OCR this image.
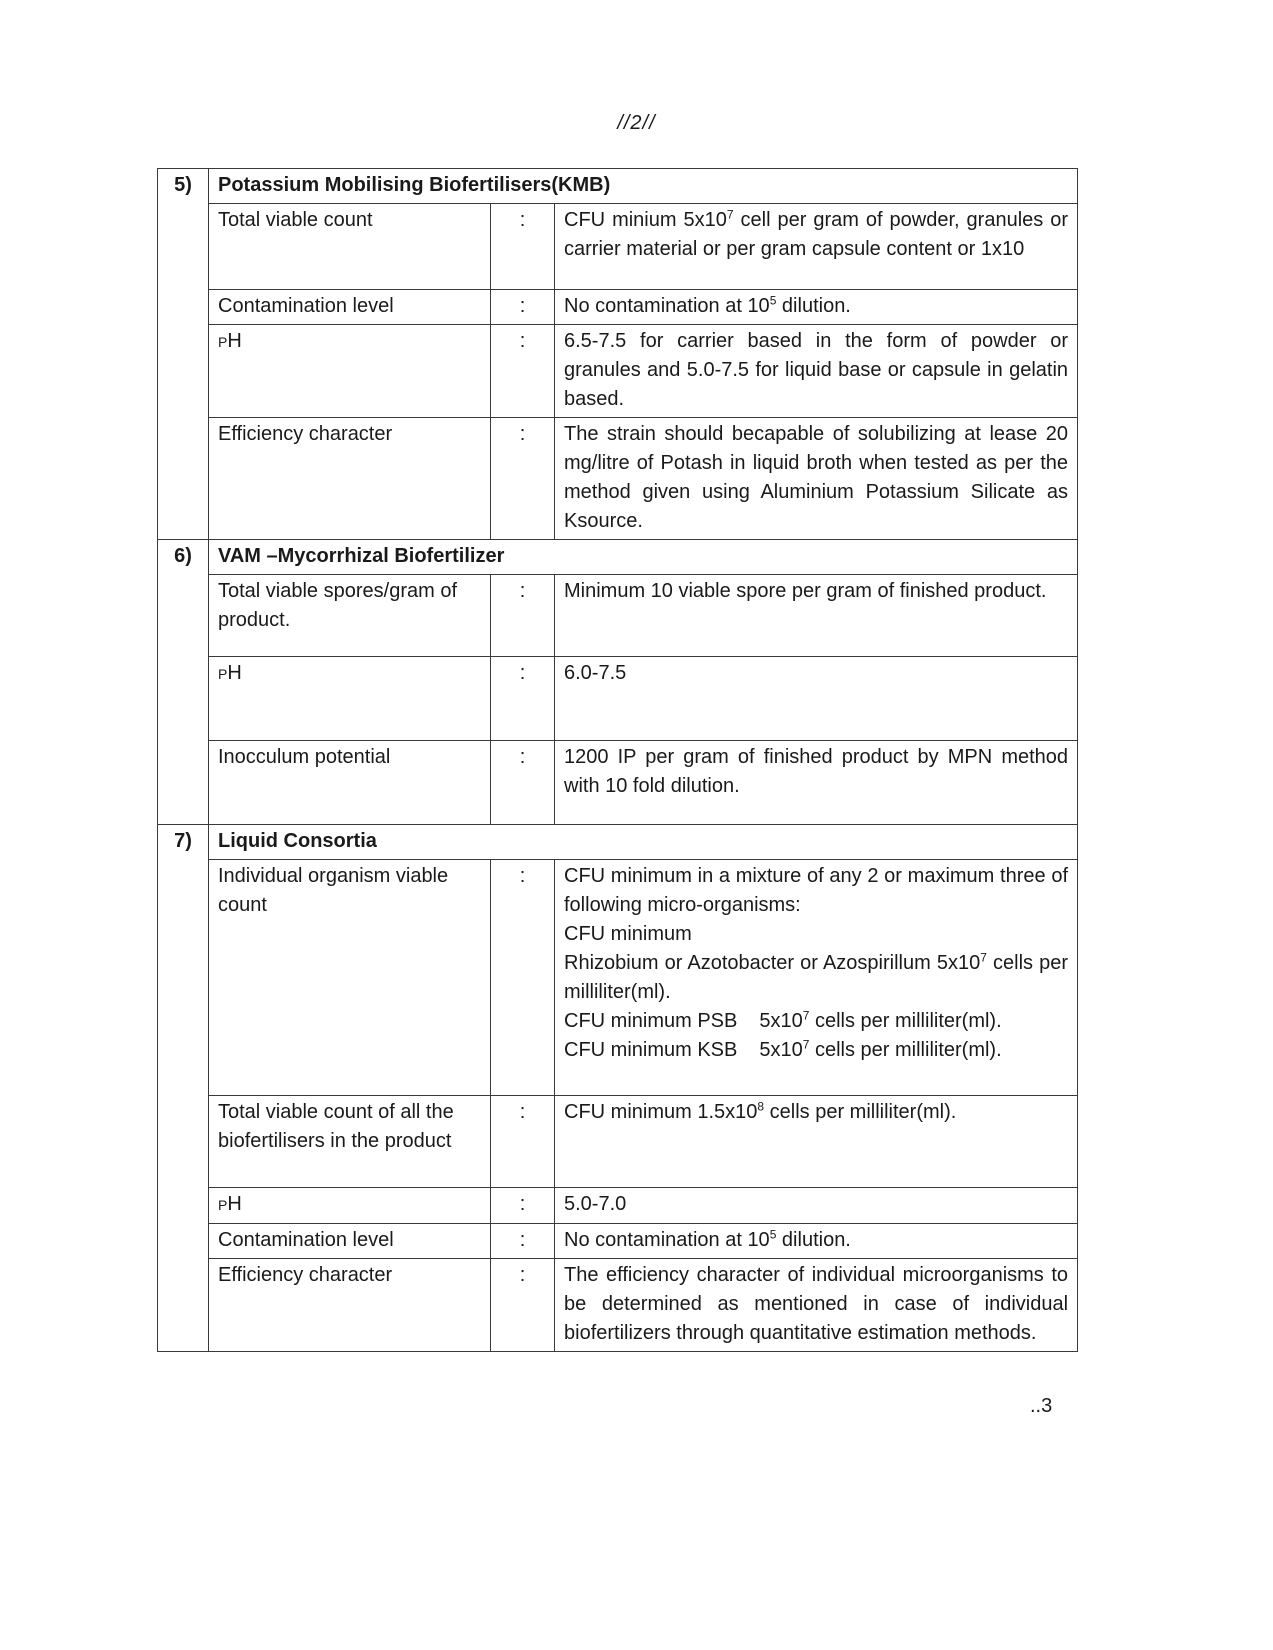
//2//
5)	Potassium Mobilising Biofertilisers(KMB)		
	Total viable count	:	CFU minium $5x10^7$ cell per gram of powder, granules or carrier material or per gram capsule content or 1x10
	Contamination level	:	No contamination at $10^5$ dilution.
	PH	:	6.5-7.5 for carrier based in the form of powder or granules and 5.0-7.5 for liquid base or capsule in gelatin based.
	Efficiency character	:	The strain should becapable of solubilizing at lease 20 mg/litre of Potash in liquid broth when tested as per the method given using Aluminium Potassium Silicate as Ksource.
6)	VAM –Mycorrhizal Biofertilizer		
	Total viable spores/gram of product.	:	Minimum 10 viable spore per gram of finished product.
	PH	:	6.0-7.5
	Inocculum potential	:	1200 IP per gram of finished product by MPN method with 10 fold dilution.
7)	Liquid Consortia		
	Individual organism viable count	:	CFU minimum in a mixture of any 2 or maximum three of following micro-organisms:
CFU minimum
Rhizobium or Azotobacter or Azospirillum $5x10^7$ cells per milliliter(ml).
CFU minimum PSB $5x10^7$ cells per milliliter(ml).
CFU minimum KSB $5x10^7$ cells per milliliter(ml).

	Total viable count of all the biofertilisers in the product	:	CFU minimum $1.5x10^8$ cells per milliliter(ml).
	PH	:	5.0-7.0
	Contamination level	:	No contamination at $10^5$ dilution.
	Efficiency character	:	The efficiency character of individual microorganisms to be determined as mentioned in case of individual biofertilizers through quantitative estimation methods.
..3
